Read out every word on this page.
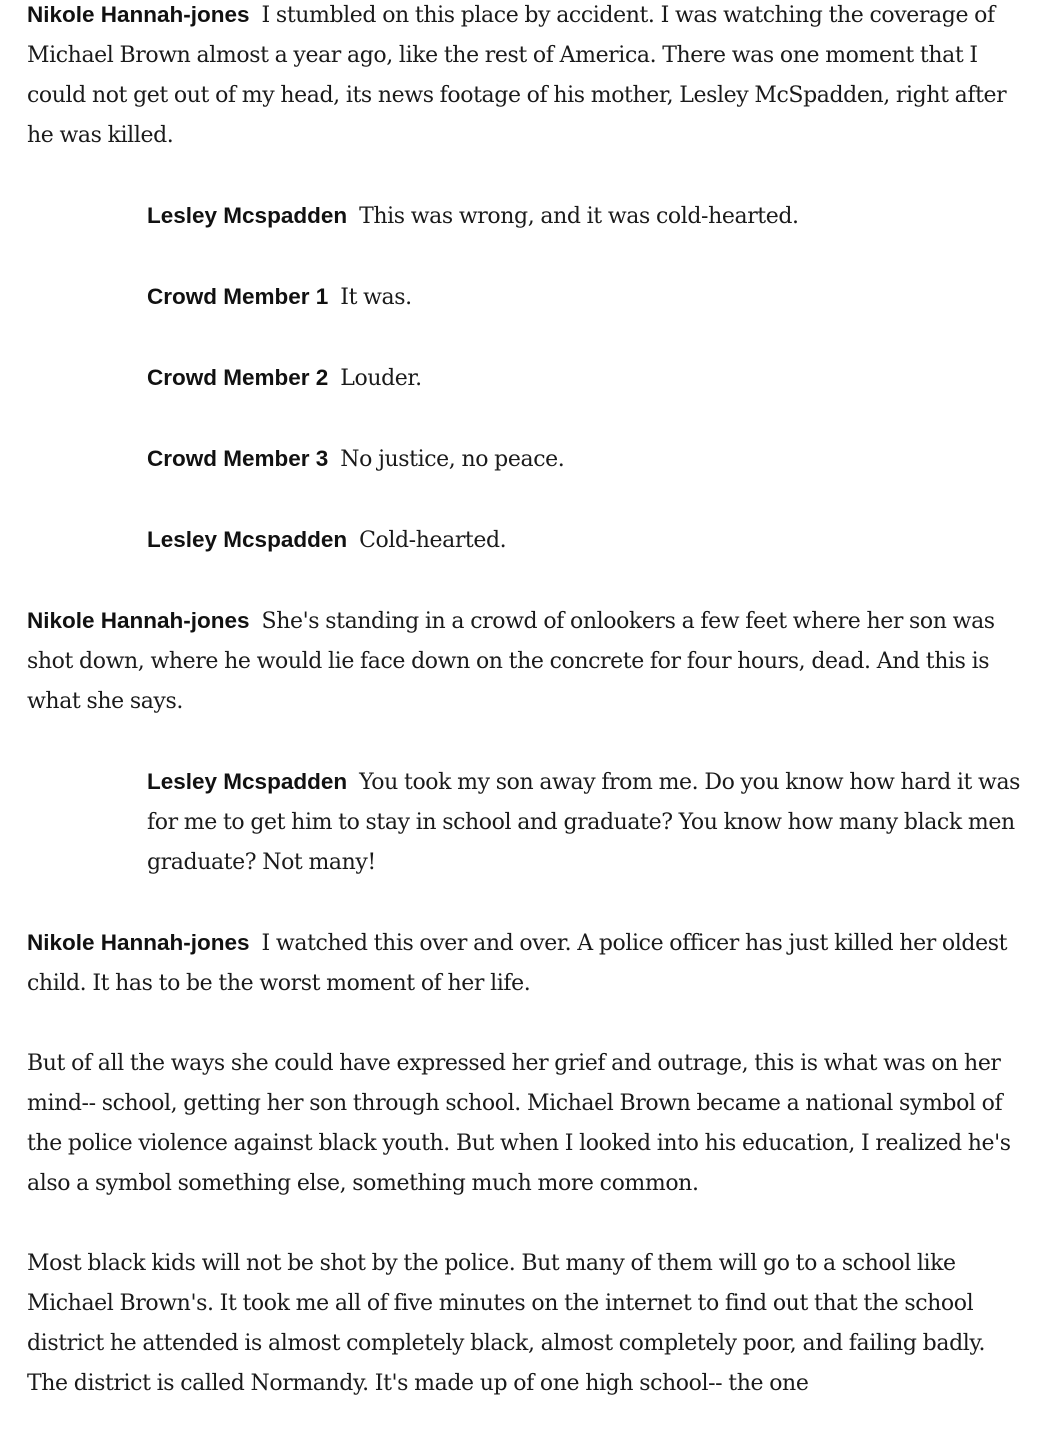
Nikole Hannah-jones I stumbled on this place by accident. I was watching the coverage of Michael Brown almost a year ago, like the rest of America. There was one moment that I could not get out of my head, its news footage of his mother, Lesley McSpadden, right after he was killed.

Lesley Mcspadden This was wrong, and it was cold-hearted.

Crowd Member 1 It was.

Crowd Member 2 Louder.

Crowd Member 3 No justice, no peace.

Lesley Mcspadden Cold-hearted.

Nikole Hannah-jones She's standing in a crowd of onlookers a few feet where her son was shot down, where he would lie face down on the concrete for four hours, dead. And this is what she says.

Lesley Mcspadden You took my son away from me. Do you know how hard it was for me to get him to stay in school and graduate? You know how many black men graduate? Not many!

Nikole Hannah-jones I watched this over and over. A police officer has just killed her oldest child. It has to be the worst moment of her life.

But of all the ways she could have expressed her grief and outrage, this is what was on her mind-- school, getting her son through school. Michael Brown became a national symbol of the police violence against black youth. But when I looked into his education, I realized he's also a symbol something else, something much more common.

Most black kids will not be shot by the police. But many of them will go to a school like Michael Brown's. It took me all of five minutes on the internet to find out that the school district he attended is almost completely black, almost completely poor, and failing badly. The district is called Normandy. It's made up of one high school-- the one
